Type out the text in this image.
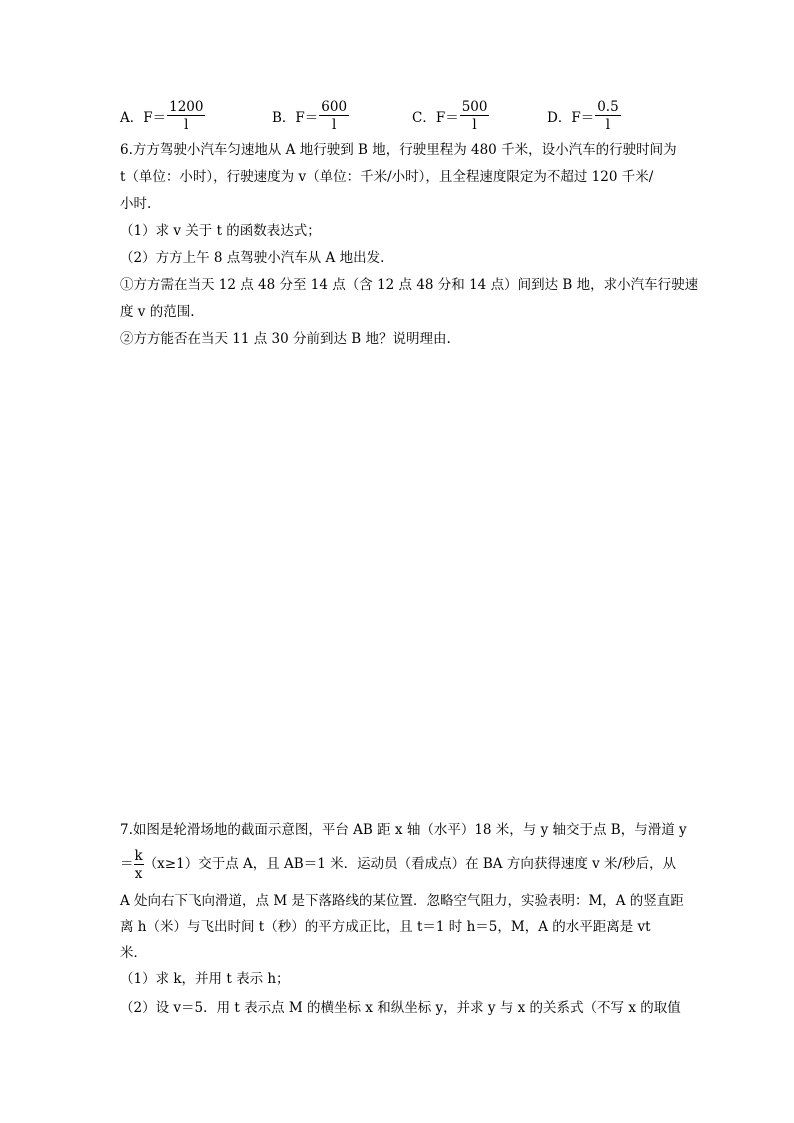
A．$F= \frac{1200}{l}$	B．$F= \frac{600}{l}$	C．$F= \frac{500}{l}$	D．$F= \frac{0.5}{l}$
6.方方驾驶小汽车匀速地从 A 地行驶到 B 地，行驶里程为 480 千米，设小汽车的行驶时间为
t（单位：小时），行驶速度为 v（单位：千米/小时），且全程速度限定为不超过 120 千米/
小时.
（1）求 v 关于 t 的函数表达式；
（2）方方上午 8 点驾驶小汽车从 A 地出发.
①方方需在当天 12 点 48 分至 14 点（含 12 点 48 分和 14 点）间到达 B 地，求小汽车行驶速
度 v 的范围.
②方方能否在当天 11 点 30 分前到达 B 地？说明理由.
7.如图是轮滑场地的截面示意图，平台 AB 距 x 轴（水平）18 米，与 y 轴交于点 B，与滑道 y
＝ $\frac{k}{x} (x\ge 1)$交于点 A，且 AB＝1 米．运动员（看成点）在 BA 方向获得速度 v 米/秒后，从
A 处向右下飞向滑道，点 M 是下落路线的某位置．忽略空气阻力，实验表明：M，A 的竖直距
离 h（米）与飞出时间 t（秒）的平方成正比，且 t＝1 时 h＝5，M，A 的水平距离是 vt
米．
（1）求 k，并用 t 表示 h；
（2）设 v＝5．用 t 表示点 M 的横坐标 x 和纵坐标 y，并求 y 与 x 的关系式（不写 x 的取值
